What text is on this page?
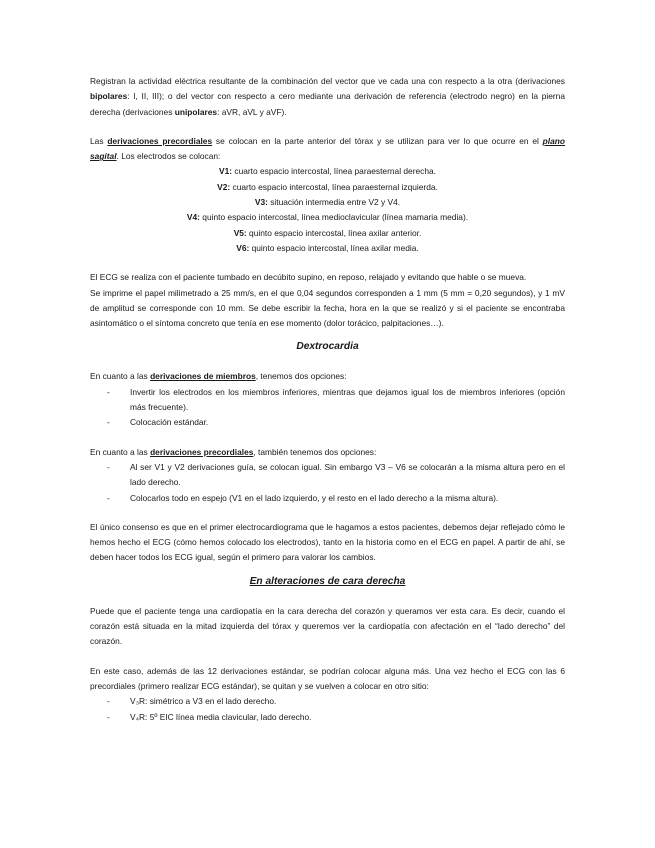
Registran la actividad eléctrica resultante de la combinación del vector que ve cada una con respecto a la otra (derivaciones bipolares: I, II, III); o del vector con respecto a cero mediante una derivación de referencia (electrodo negro) en la pierna derecha (derivaciones unipolares: aVR, aVL y aVF).

Las derivaciones precordiales se colocan en la parte anterior del tórax y se utilizan para ver lo que ocurre en el plano sagital. Los electrodos se colocan:

V1: cuarto espacio intercostal, línea paraesternal derecha.

V2: cuarto espacio intercostal, línea paraesternal izquierda.

V3: situación intermedia entre V2 y V4.

V4: quinto espacio intercostal, línea medioclavicular (línea mamaria media).

V5: quinto espacio intercostal, línea axilar anterior.

V6: quinto espacio intercostal, línea axilar media.

El ECG se realiza con el paciente tumbado en decúbito supino, en reposo, relajado y evitando que hable o se mueva.

Se imprime el papel milimetrado a 25 mm/s, en el que 0,04 segundos corresponden a 1 mm (5 mm = 0,20 segundos), y 1 mV de amplitud se corresponde con 10 mm. Se debe escribir la fecha, hora en la que se realizó y si el paciente se encontraba asintomático o el síntoma concreto que tenía en ese momento (dolor torácico, palpitaciones…).

Dextrocardia

En cuanto a las derivaciones de miembros, tenemos dos opciones:

- Invertir los electrodos en los miembros inferiores, mientras que dejamos igual los de miembros inferiores (opción más frecuente).
- Colocación estándar.

En cuanto a las derivaciones precordiales, también tenemos dos opciones:

- Al ser V1 y V2 derivaciones guía, se colocan igual. Sin embargo V3 – V6 se colocarán a la misma altura pero en el lado derecho.
- Colocarlos todo en espejo (V1 en el lado izquierdo, y el resto en el lado derecho a la misma altura).

El único consenso es que en el primer electrocardiograma que le hagamos a estos pacientes, debemos dejar reflejado cómo le hemos hecho el ECG (cómo hemos colocado los electrodos), tanto en la historia como en el ECG en papel. A partir de ahí, se deben hacer todos los ECG igual, según el primero para valorar los cambios.

En alteraciones de cara derecha

Puede que el paciente tenga una cardiopatía en la cara derecha del corazón y queramos ver esta cara. Es decir, cuando el corazón está situada en la mitad izquierda del tórax y queremos ver la cardiopatía con afectación en el “lado derecho” del corazón.

En este caso, además de las 12 derivaciones estándar, se podrían colocar alguna más. Una vez hecho el ECG con las 6 precordiales (primero realizar ECG estándar), se quitan y se vuelven a colocar en otro sitio:

- V₃R: simétrico a V3 en el lado derecho.
- V₄R: 5º EIC línea media clavicular, lado derecho.
